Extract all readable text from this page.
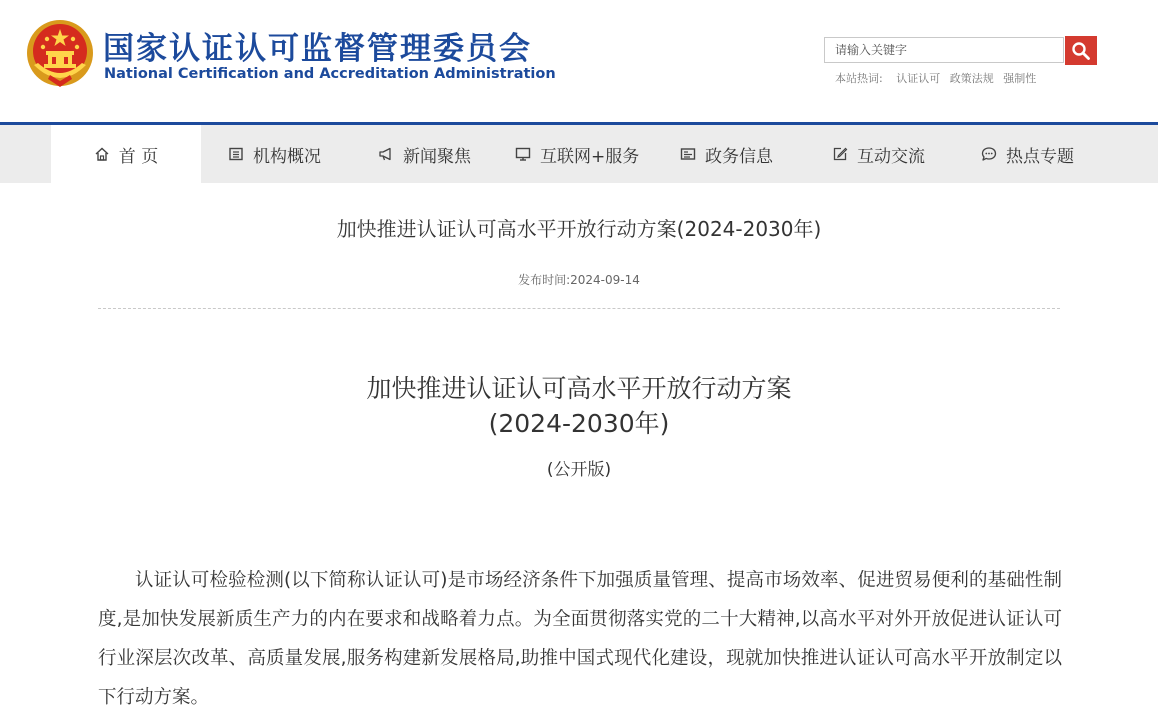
国家认证认可监督管理委员会
National Certification and Accreditation Administration
请输入关键字	本站热词: 认证认可 政策法规 强制性
首 页	机构概况	新闻聚焦	互联网+服务	政务信息	互动交流	热点专题
加快推进认证认可高水平开放行动方案(2024-2030年)
发布时间:2024-09-14
加快推进认证认可高水平开放行动方案
(2024-2030年)
(公开版)

认证认可检验检测(以下简称认证认可)是市场经济条件下加强质量管理、提高市场效率、促进贸易便利的基础性制度,是加快发展新质生产力的内在要求和战略着力点。为全面贯彻落实党的二十大精神,以高水平对外开放促进认证认可行业深层次改革、高质量发展,服务构建新发展格局,助推中国式现代化建设，现就加快推进认证认可高水平开放制定以下行动方案。
